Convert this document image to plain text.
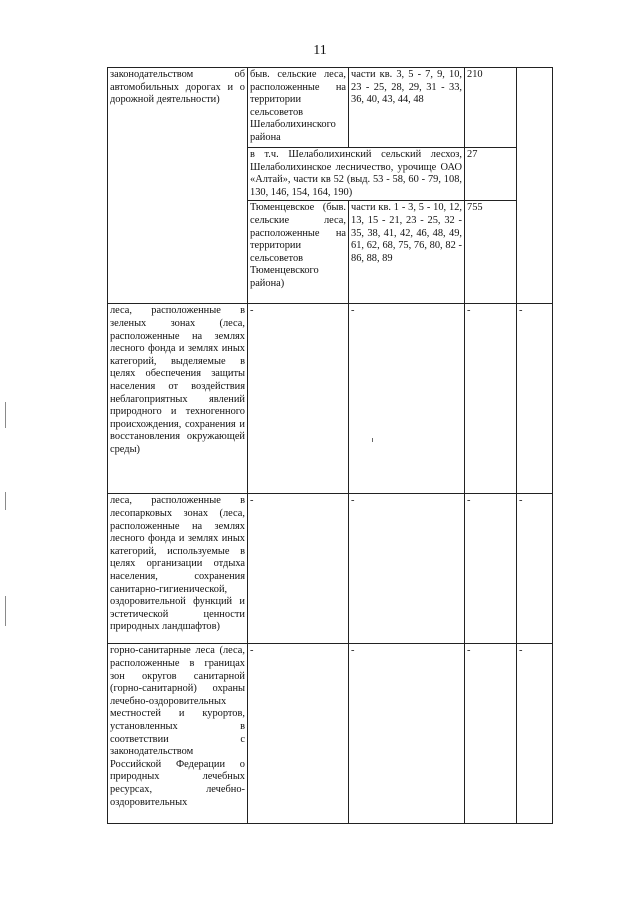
11
законодательством об автомобильных дорогах и о дорожной деятельности)	быв. сельские леса, расположенные на территории сельсоветов Шелаболихинского района	части кв. 3, 5 - 7, 9, 10, 23 - 25, 28, 29, 31 - 33, 36, 40, 43, 44, 48	210	
	в т.ч. Шелаболихинский сельский лесхоз, Шелаболихинское лесничество, урочище ОАО «Алтай», части кв 52 (выд. 53 - 58, 60 - 79, 108, 130, 146, 154, 164, 190)		27	
	Тюменцевское (быв. сельские леса, расположенные на территории сельсоветов Тюменцевского района)	части кв. 1 - 3, 5 - 10, 12, 13, 15 - 21, 23 - 25, 32 - 35, 38, 41, 42, 46, 48, 49, 61, 62, 68, 75, 76, 80, 82 - 86, 88, 89	755	
леса, расположенные в зеленых зонах (леса, расположенные на землях лесного фонда и землях иных категорий, выделяемые в целях обеспечения защиты населения от воздействия неблагоприятных явлений природного и техногенного происхождения, сохранения и восстановления окружающей среды)	-	-	-	-
леса, расположенные в лесопарковых зонах (леса, расположенные на землях лесного фонда и землях иных категорий, используемые в целях организации отдыха населения, сохранения санитарно-гигиенической, оздоровительной функций и эстетической ценности природных ландшафтов)	-	-	-	-
горно-санитарные леса (леса, расположенные в границах зон округов санитарной (горно-санитарной) охраны лечебно-оздоровительных местностей и курортов, установленных в соответствии с законодательством Российской Федерации о природных лечебных ресурсах, лечебно-оздоровительных	-	-	-	-
